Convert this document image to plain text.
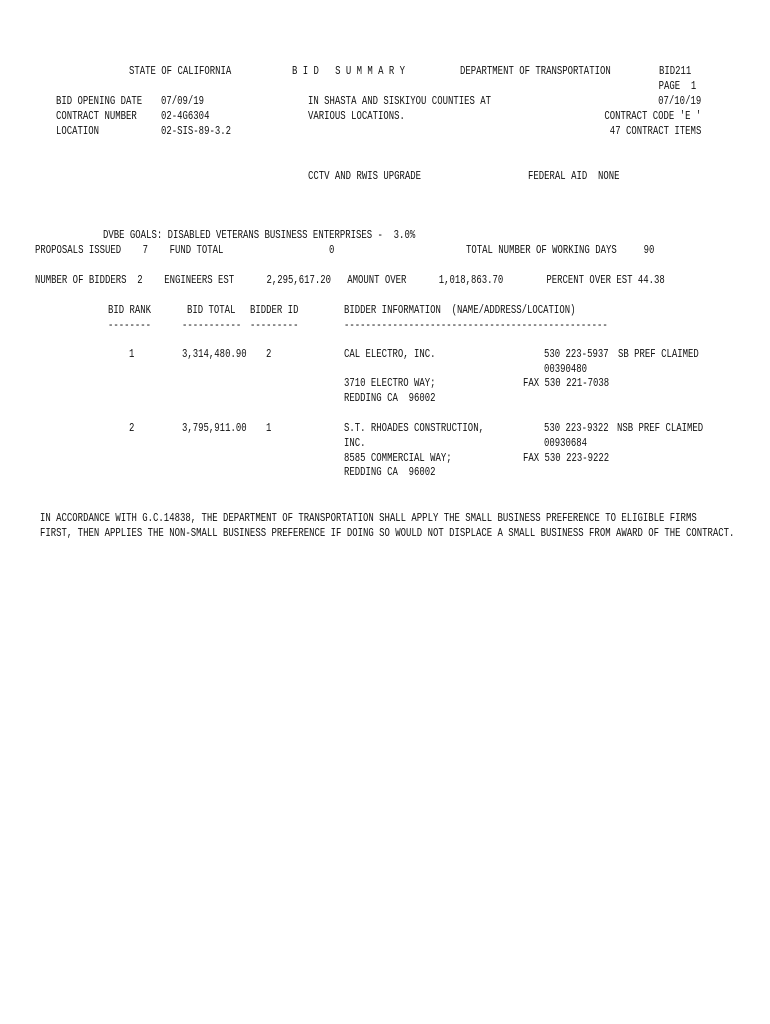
STATE OF CALIFORNIA	B I D   S U M M A R Y	DEPARTMENT OF TRANSPORTATION	BID211
PAGE  1
07/10/19
CONTRACT CODE 'E '
47 CONTRACT ITEMS
BID OPENING DATE 07/09/19
CONTRACT NUMBER 02-4G6304
LOCATION	02-SIS-89-3.2
IN SHASTA AND SISKIYOU COUNTIES AT
VARIOUS LOCATIONS.
CCTV AND RWIS UPGRADE	FEDERAL AID  NONE
DVBE GOALS: DISABLED VETERANS BUSINESS ENTERPRISES -  3.0%
PROPOSALS ISSUED    7    FUND TOTAL	0	TOTAL NUMBER OF WORKING DAYS     90
NUMBER OF BIDDERS  2    ENGINEERS EST      2,295,617.20   AMOUNT OVER      1,018,863.70        PERCENT OVER EST 44.38
BID RANK	BID TOTAL BIDDER ID	BIDDER INFORMATION  (NAME/ADDRESS/LOCATION)
--------	----------- ---------	-------------------------------------------------
1	3,314,480.90 2	CAL ELECTRO, INC.	530 223-5937 SB PREF CLAIMED
00390480
3710 ELECTRO WAY;	FAX 530 221-7038
REDDING CA  96002
2	3,795,911.00 1	S.T. RHOADES CONSTRUCTION,	530 223-9322 NSB PREF CLAIMED
INC.	00930684
8585 COMMERCIAL WAY;	FAX 530 223-9222
REDDING CA  96002
IN ACCORDANCE WITH G.C.14838, THE DEPARTMENT OF TRANSPORTATION SHALL APPLY THE SMALL BUSINESS PREFERENCE TO ELIGIBLE FIRMS
FIRST, THEN APPLIES THE NON-SMALL BUSINESS PREFERENCE IF DOING SO WOULD NOT DISPLACE A SMALL BUSINESS FROM AWARD OF THE CONTRACT.
